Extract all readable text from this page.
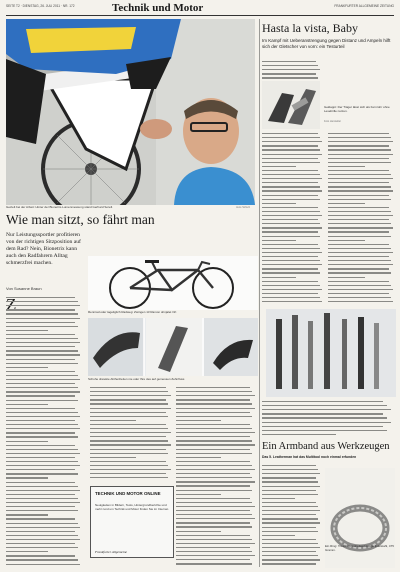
SEITE T2 · DIENSTAG, 26. JULI 2011 · NR. 172	Technik und Motor	FRANKFURTER ALLGEMEINE ZEITUNG
Gezielt bei der Arbeit: Hinter der Bionetrix-Lumenmessung stand Gerhard Sorell.	Jens Schulz
Wie man sitzt, so fährt man
Nur Leistungssportler profitieren von der richtigen Sitzposition auf dem Rad? Nein, Bionetrix kann auch den Radfahrern Alltag schmerzfrei machen.
Von Susanne Braun
Rennrad oder tageliglich Radweg: Zwingen 13 Ramon ohnjalet Ort
Schuhe dreiekte Abtheilzeiten nie oder Ihre des auf gemessen Zehnfluss
TECHNIK UND MOTOR ONLINE
Neuigkeiten in Bildern, Tests, Hintergrundberichte und mehr rund um Technik und Motor finden Sie im Internet.
Frankfurter Allgemeine
Hasta la vista, Baby
Im Kampf mit Ueberanstrengung gegen Distanz und Ampeln hilft sich der Gletscher von vorn: ein Testurteil
Geklappt: Der Träger lässt sich als Fernrohr ohne Lesebrille nutzen.
Foto Hersteller
Ein Armband aus Werkzeugen
Das 5. Leatherman hat das Multitool noch einmal erfunden
Ein Ring: Tread, 26 Gabelwerkzeuge Edelstahl, 475 Gramm.
